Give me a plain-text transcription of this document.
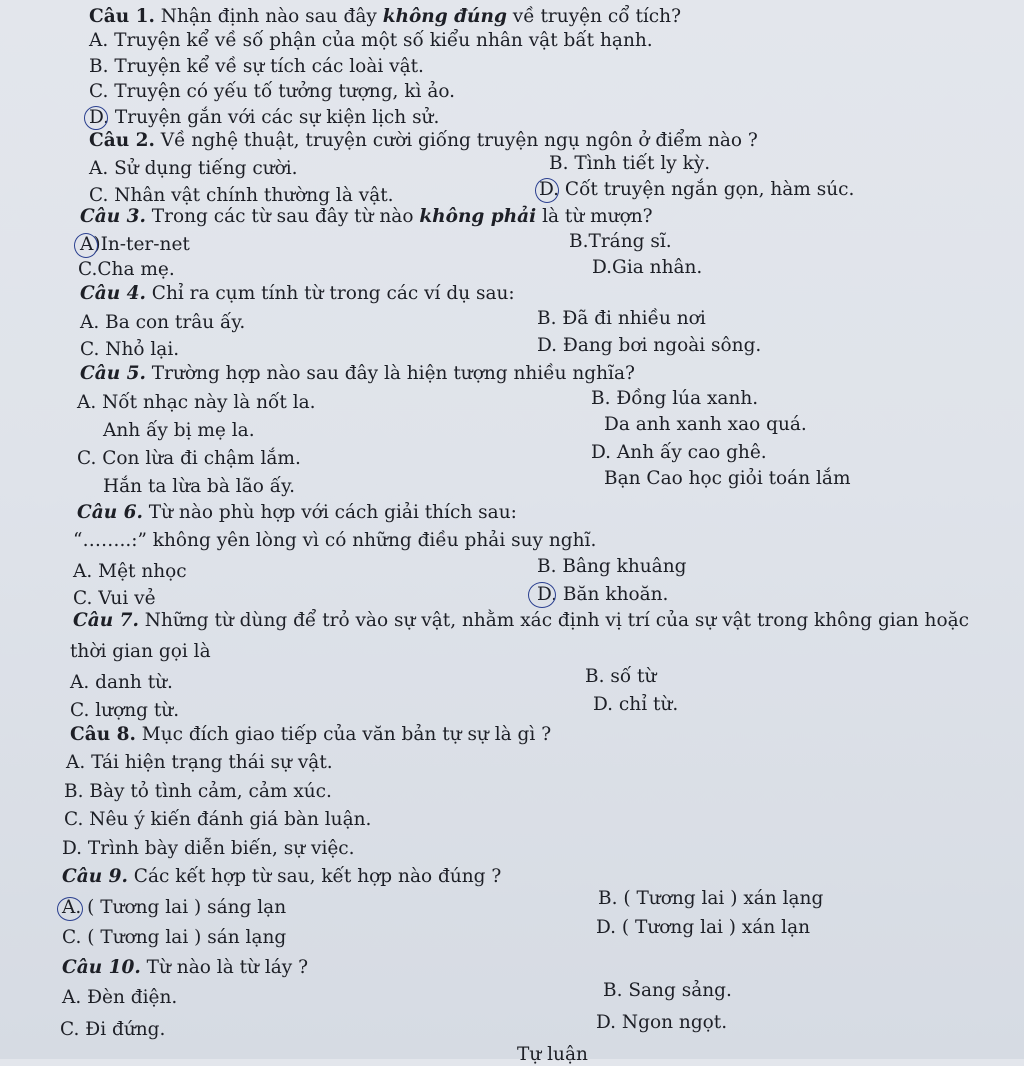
Câu 1. Nhận định nào sau đây không đúng về truyện cổ tích?
A. Truyện kể về số phận của một số kiểu nhân vật bất hạnh.
B. Truyện kể về sự tích các loài vật.
C. Truyện có yếu tố tưởng tượng, kì ảo.
D. Truyện gắn với các sự kiện lịch sử.
Câu 2. Về nghệ thuật, truyện cười giống truyện ngụ ngôn ở điểm nào ?
A. Sử dụng tiếng cười.	B. Tình tiết ly kỳ.
C. Nhân vật chính thường là vật.	D. Cốt truyện ngắn gọn, hàm súc.
Câu 3. Trong các từ sau đây từ nào không phải là từ mượn?
A)In-ter-net	B.Tráng sĩ.
C.Cha mẹ.	D.Gia nhân.
Câu 4. Chỉ ra cụm tính từ trong các ví dụ sau:
A. Ba con trâu ấy.	B. Đã đi nhiều nơi
C. Nhỏ lại.	D. Đang bơi ngoài sông.
Câu 5. Trường hợp nào sau đây là hiện tượng nhiều nghĩa?
A. Nốt nhạc này là nốt la.	B. Đồng lúa xanh.
Anh ấy bị mẹ la.	Da anh xanh xao quá.
C. Con lừa đi chậm lắm.	D. Anh ấy cao ghê.
Hắn ta lừa bà lão ấy.	Bạn Cao học giỏi toán lắm
Câu 6. Từ nào phù hợp với cách giải thích sau:
“……..:” không yên lòng vì có những điều phải suy nghĩ.
A. Mệt nhọc	B. Bâng khuâng
C. Vui vẻ	D. Băn khoăn.
Câu 7. Những từ dùng để trỏ vào sự vật, nhằm xác định vị trí của sự vật trong không gian hoặc
thời gian gọi là
A. danh từ.	B. số từ
C. lượng từ.	D. chỉ từ.
Câu 8. Mục đích giao tiếp của văn bản tự sự là gì ?
A. Tái hiện trạng thái sự vật.
B. Bày tỏ tình cảm, cảm xúc.
C. Nêu ý kiến đánh giá bàn luận.
D. Trình bày diễn biến, sự việc.
Câu 9. Các kết hợp từ sau, kết hợp nào đúng ?
A. ( Tương lai ) sáng lạn	B. ( Tương lai ) xán lạng
C. ( Tương lai ) sán lạng	D. ( Tương lai ) xán lạn
Câu 10. Từ nào là từ láy ?
A. Đèn điện.	B. Sang sảng.
C. Đi đứng.	D. Ngon ngọt.
Tự luận
